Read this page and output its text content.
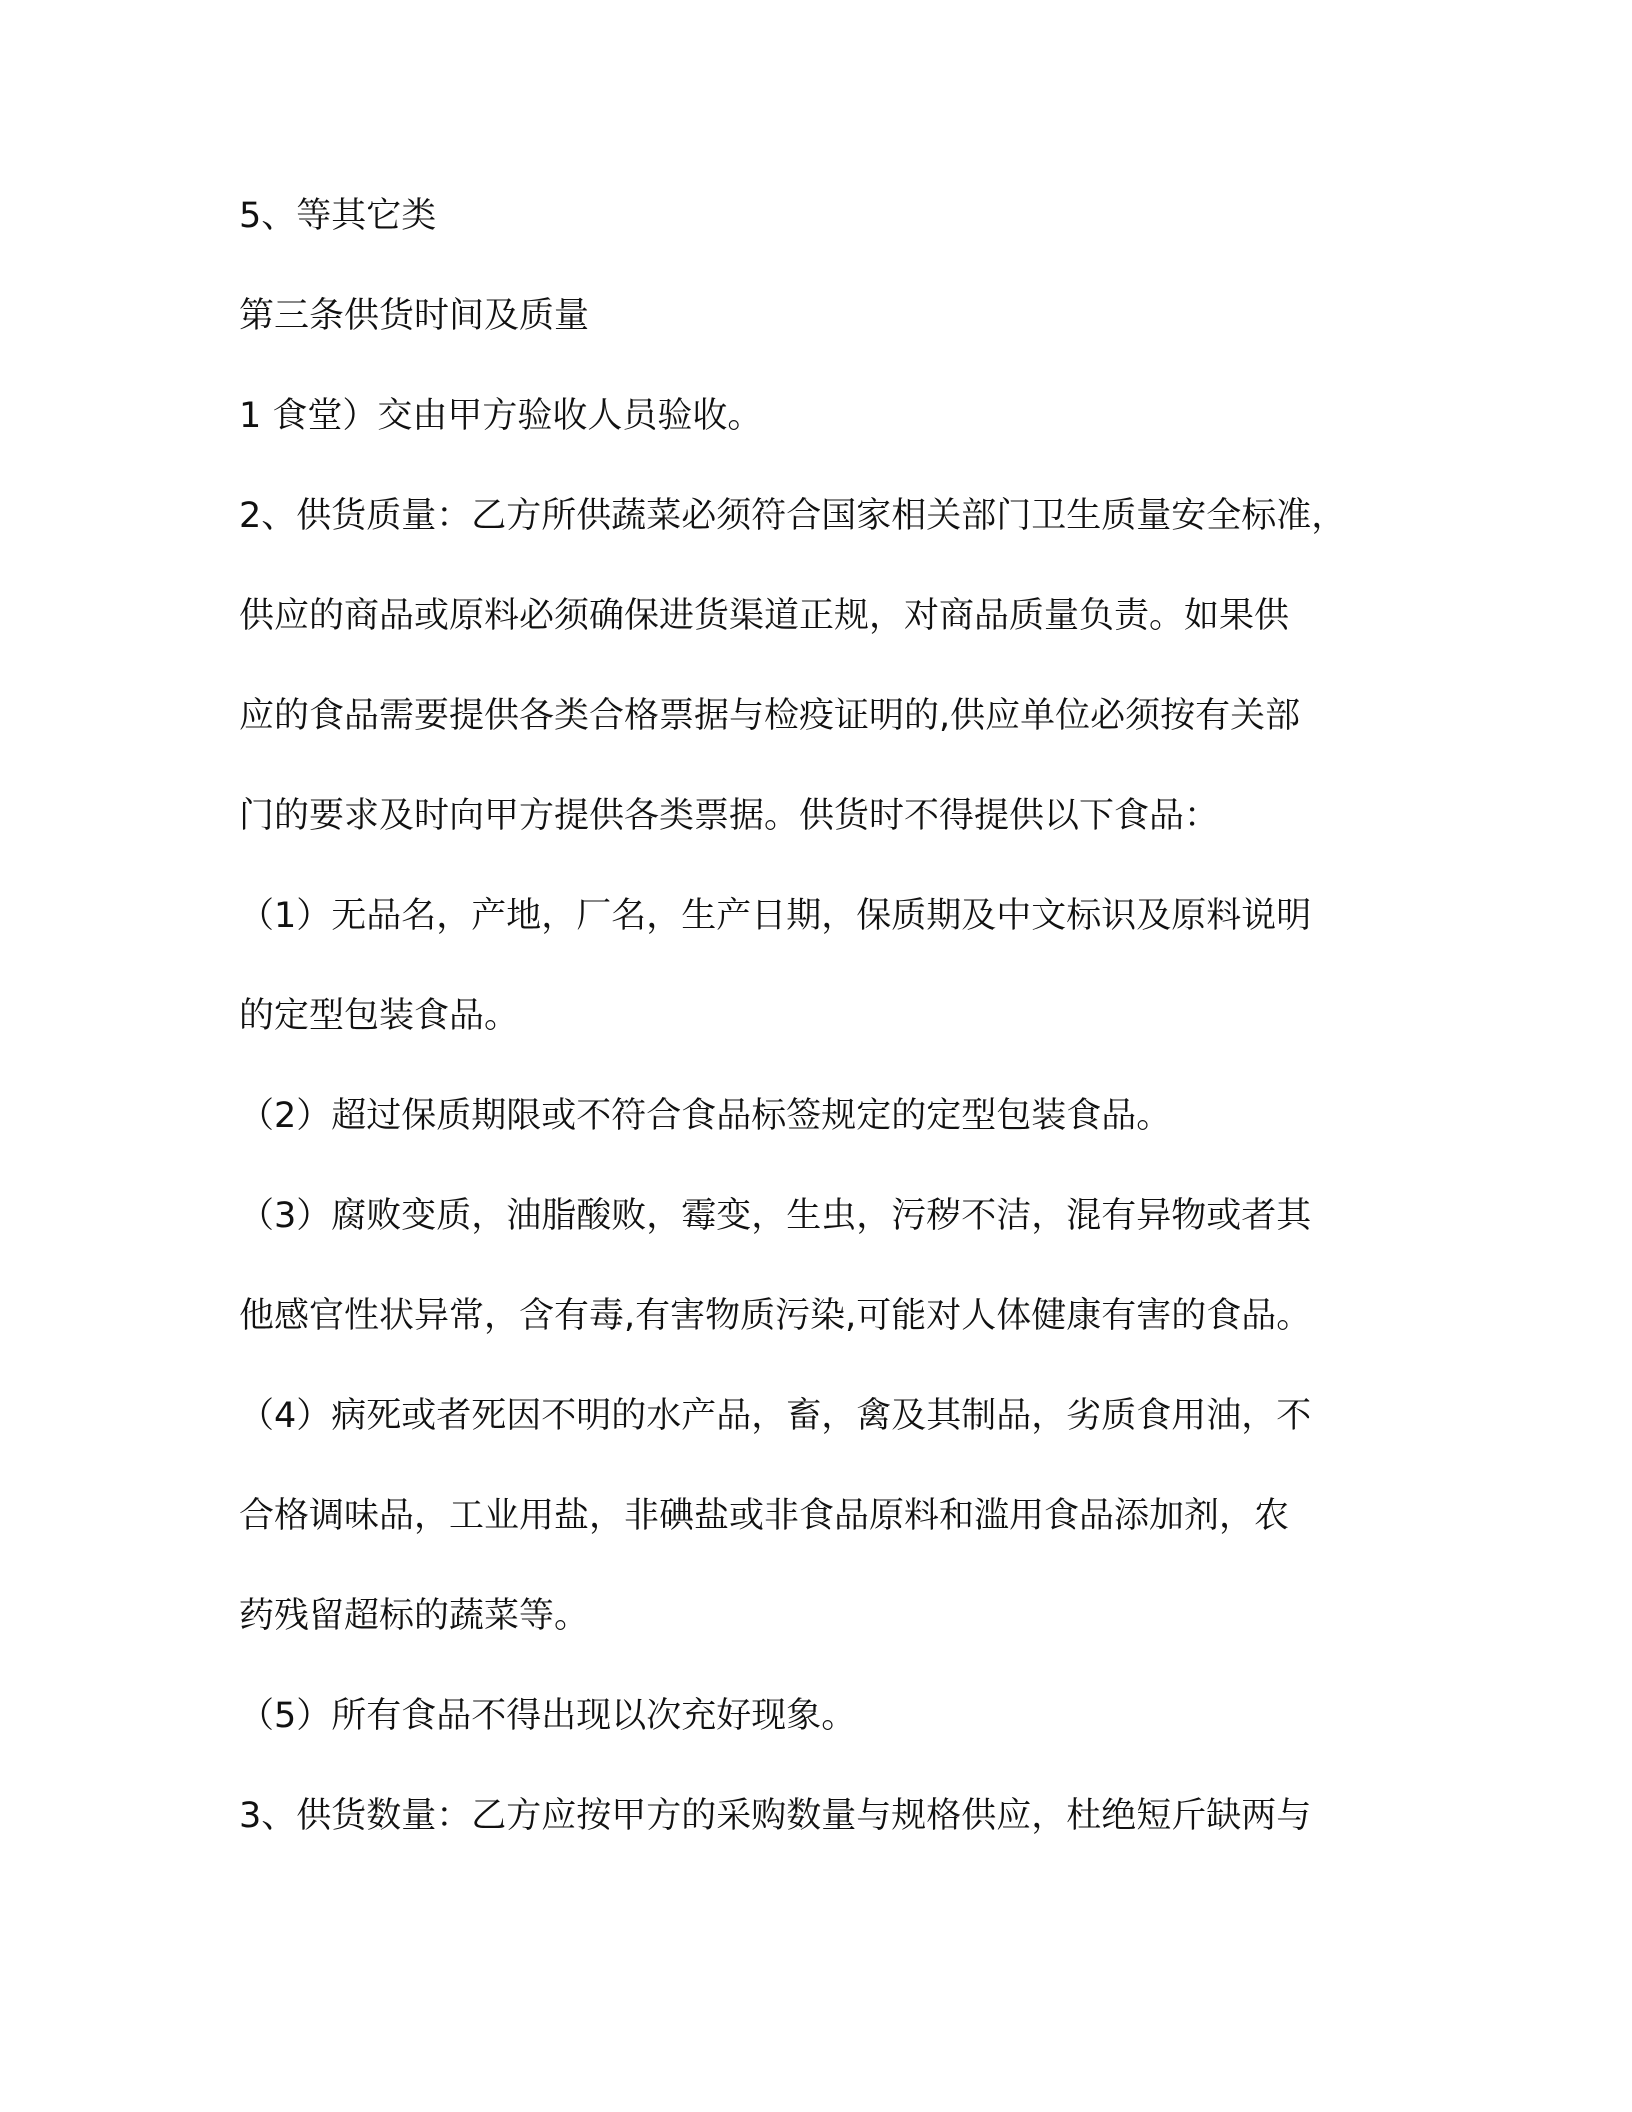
5、等其它类

第三条供货时间及质量

1 食堂）交由甲方验收人员验收。

2、供货质量：乙方所供蔬菜必须符合国家相关部门卫生质量安全标准，

供应的商品或原料必须确保进货渠道正规，对商品质量负责。如果供

应的食品需要提供各类合格票据与检疫证明的,供应单位必须按有关部

门的要求及时向甲方提供各类票据。供货时不得提供以下食品：

（1）无品名，产地，厂名，生产日期，保质期及中文标识及原料说明

的定型包装食品。

（2）超过保质期限或不符合食品标签规定的定型包装食品。

（3）腐败变质，油脂酸败，霉变，生虫，污秽不洁，混有异物或者其

他感官性状异常，含有毒,有害物质污染,可能对人体健康有害的食品。

（4）病死或者死因不明的水产品，畜，禽及其制品，劣质食用油，不

合格调味品，工业用盐，非碘盐或非食品原料和滥用食品添加剂，农

药残留超标的蔬菜等。

（5）所有食品不得出现以次充好现象。

3、供货数量：乙方应按甲方的采购数量与规格供应，杜绝短斤缺两与
